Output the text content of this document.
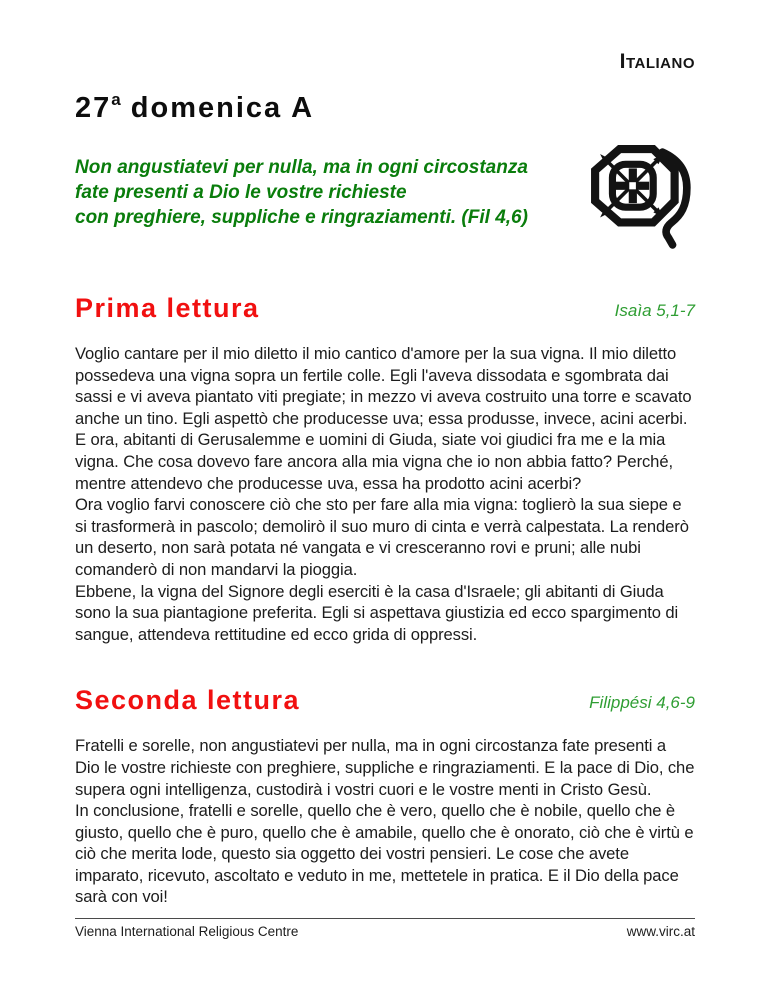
Italiano
27$^a$ domenica A
Non angustiatevi per nulla, ma in ogni circostanza
fate presenti a Dio le vostre richieste
con preghiere, suppliche e ringraziamenti. (Fil 4,6)
Prima lettura	Isaìa 5,1-7

Voglio cantare per il mio diletto il mio cantico d'amore per la sua vigna. Il mio diletto possedeva una vigna sopra un fertile colle. Egli l'aveva dissodata e sgombrata dai sassi e vi aveva piantato viti pregiate; in mezzo vi aveva costruito una torre e scavato anche un tino. Egli aspettò che producesse uva; essa produsse, invece, acini acerbi.

E ora, abitanti di Gerusalemme e uomini di Giuda, siate voi giudici fra me e la mia vigna. Che cosa dovevo fare ancora alla mia vigna che io non abbia fatto? Perché, mentre attendevo che producesse uva, essa ha prodotto acini acerbi?

Ora voglio farvi conoscere ciò che sto per fare alla mia vigna: toglierò la sua siepe e si trasformerà in pascolo; demolirò il suo muro di cinta e verrà calpestata. La renderò un deserto, non sarà potata né vangata e vi cresceranno rovi e pruni; alle nubi comanderò di non mandarvi la pioggia.

Ebbene, la vigna del Signore degli eserciti è la casa d'Israele; gli abitanti di Giuda sono la sua piantagione preferita. Egli si aspettava giustizia ed ecco spargimento di sangue, attendeva rettitudine ed ecco grida di oppressi.

Seconda lettura	Filippési 4,6-9

Fratelli e sorelle, non angustiatevi per nulla, ma in ogni circostanza fate presenti a Dio le vostre richieste con preghiere, suppliche e ringraziamenti. E la pace di Dio, che supera ogni intelligenza, custodirà i vostri cuori e le vostre menti in Cristo Gesù.

In conclusione, fratelli e sorelle, quello che è vero, quello che è nobile, quello che è giusto, quello che è puro, quello che è amabile, quello che è onorato, ciò che è virtù e ciò che merita lode, questo sia oggetto dei vostri pensieri. Le cose che avete imparato, ricevuto, ascoltato e veduto in me, mettetele in pratica. E il Dio della pace sarà con voi!

Vienna International Religious Centre	www.virc.at
